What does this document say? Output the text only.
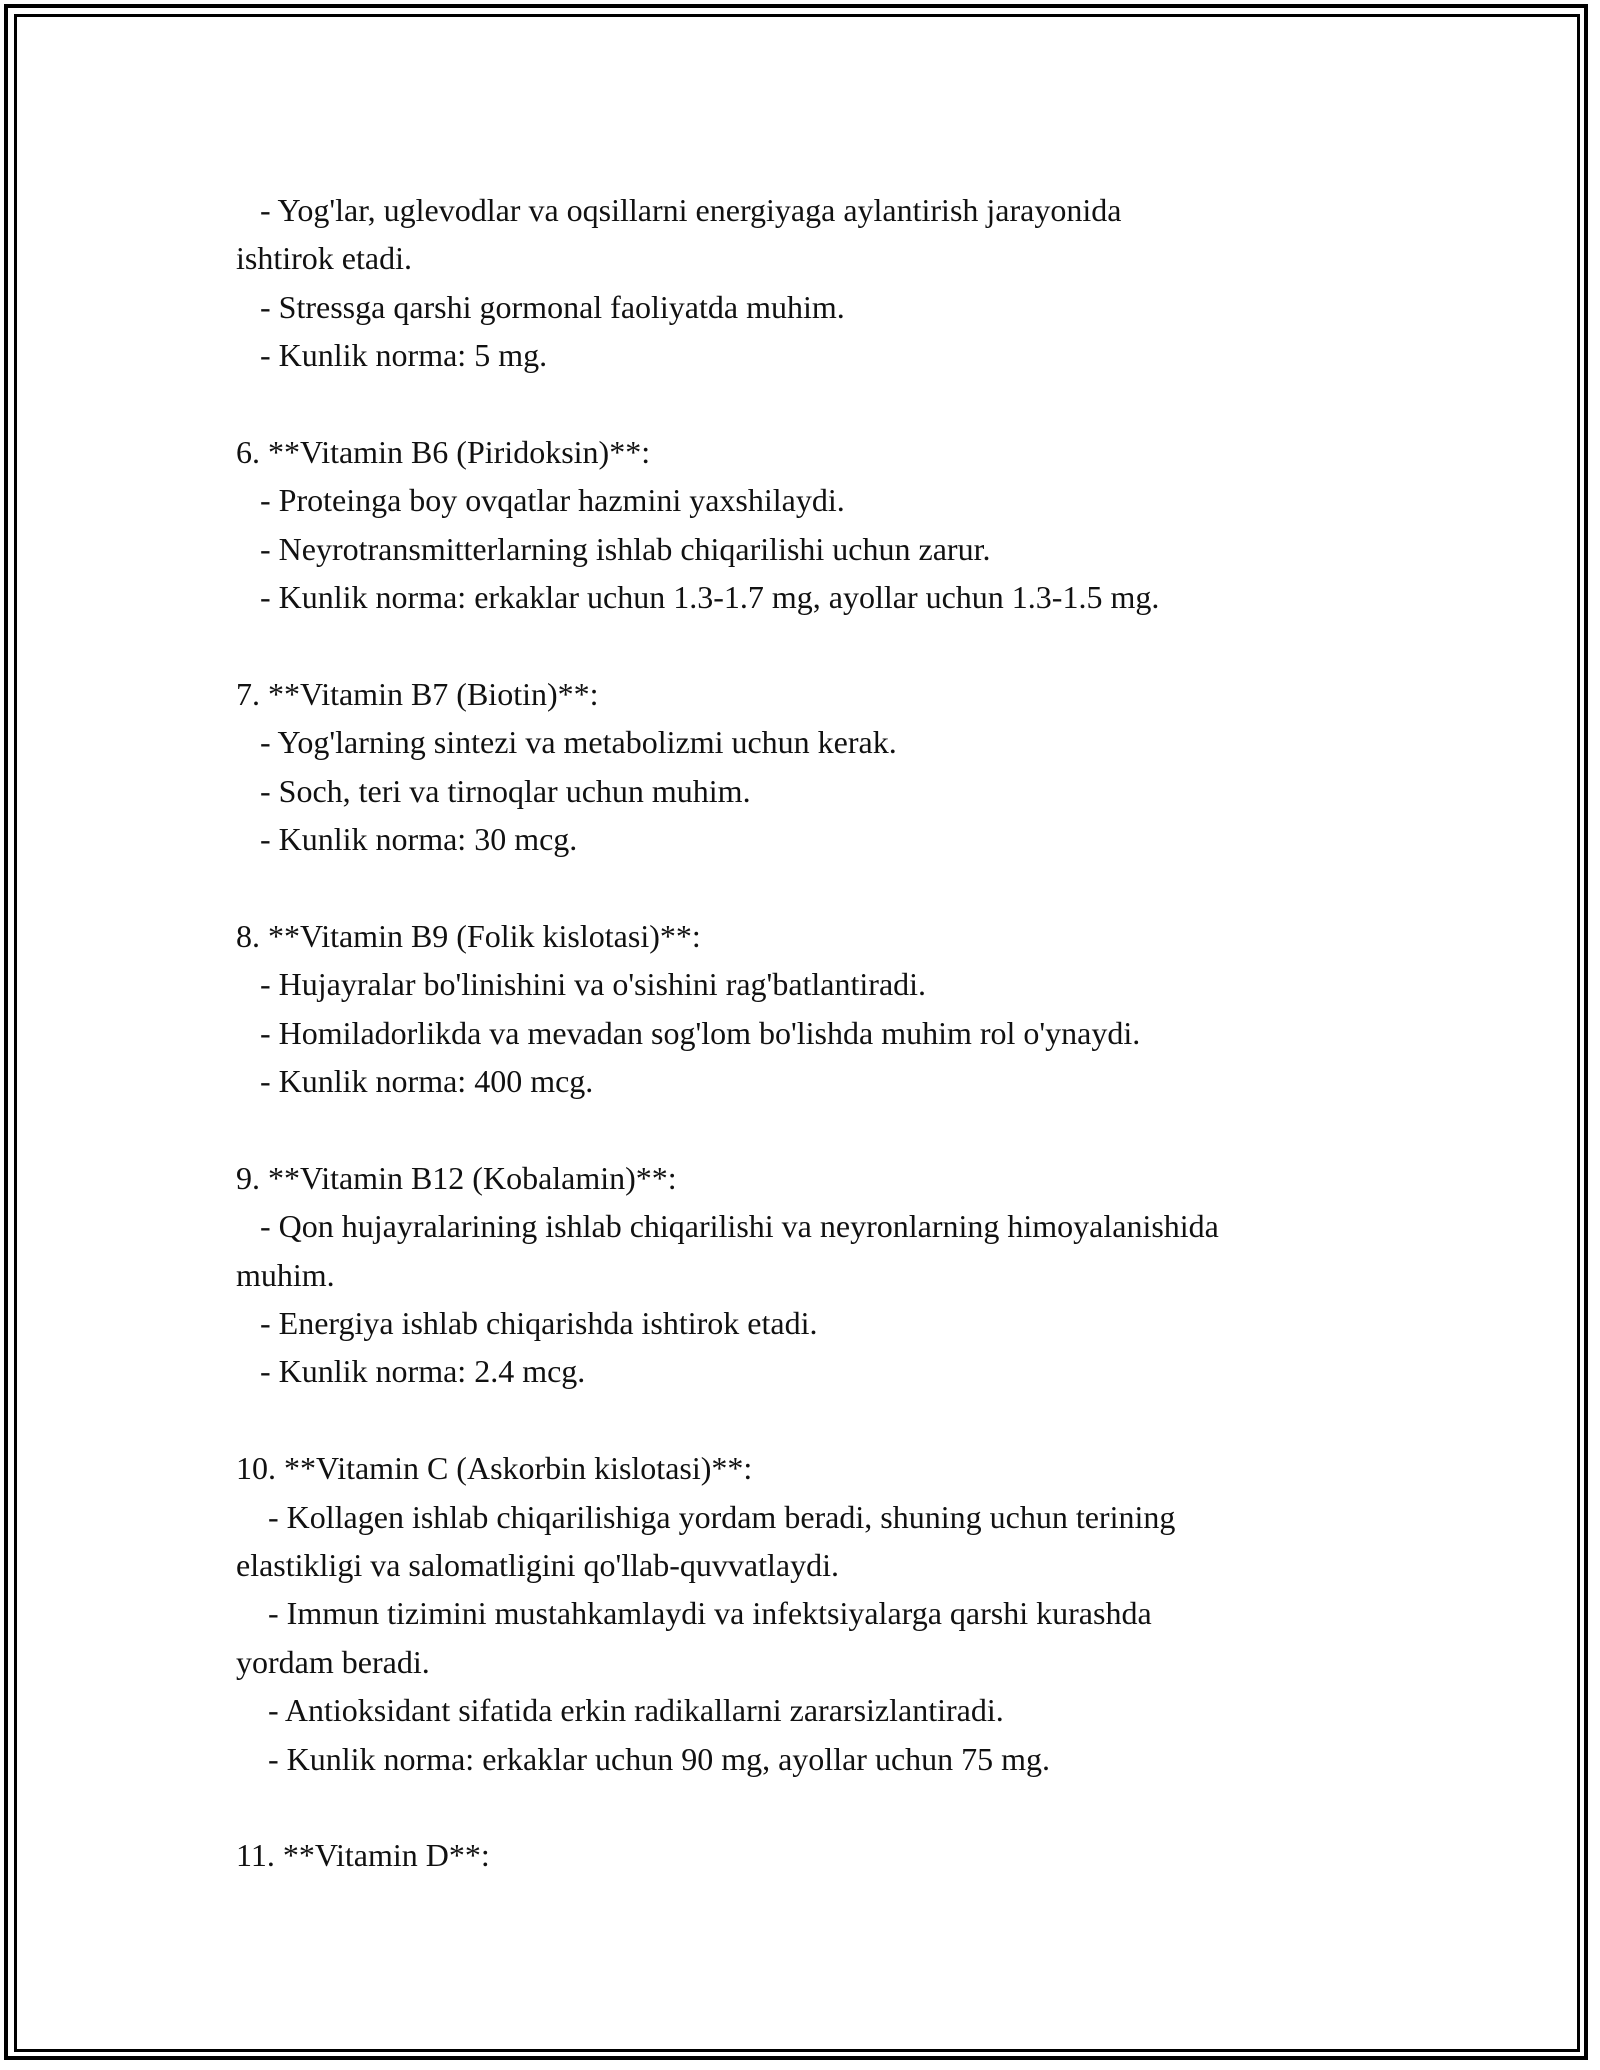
- Yog'lar, uglevodlar va oqsillarni energiyaga aylantirish jarayonida
ishtirok etadi.
- Stressga qarshi gormonal faoliyatda muhim.
- Kunlik norma: 5 mg.
6. **Vitamin B6 (Piridoksin)**:
- Proteinga boy ovqatlar hazmini yaxshilaydi.
- Neyrotransmitterlarning ishlab chiqarilishi uchun zarur.
- Kunlik norma: erkaklar uchun 1.3-1.7 mg, ayollar uchun 1.3-1.5 mg.
7. **Vitamin B7 (Biotin)**:
- Yog'larning sintezi va metabolizmi uchun kerak.
- Soch, teri va tirnoqlar uchun muhim.
- Kunlik norma: 30 mcg.
8. **Vitamin B9 (Folik kislotasi)**:
- Hujayralar bo'linishini va o'sishini rag'batlantiradi.
- Homiladorlikda va mevadan sog'lom bo'lishda muhim rol o'ynaydi.
- Kunlik norma: 400 mcg.
9. **Vitamin B12 (Kobalamin)**:
- Qon hujayralarining ishlab chiqarilishi va neyronlarning himoyalanishida
muhim.
- Energiya ishlab chiqarishda ishtirok etadi.
- Kunlik norma: 2.4 mcg.
10. **Vitamin C (Askorbin kislotasi)**:
- Kollagen ishlab chiqarilishiga yordam beradi, shuning uchun terining
elastikligi va salomatligini qo'llab-quvvatlaydi.
- Immun tizimini mustahkamlaydi va infektsiyalarga qarshi kurashda
yordam beradi.
- Antioksidant sifatida erkin radikallarni zararsizlantiradi.
- Kunlik norma: erkaklar uchun 90 mg, ayollar uchun 75 mg.
11. **Vitamin D**:
